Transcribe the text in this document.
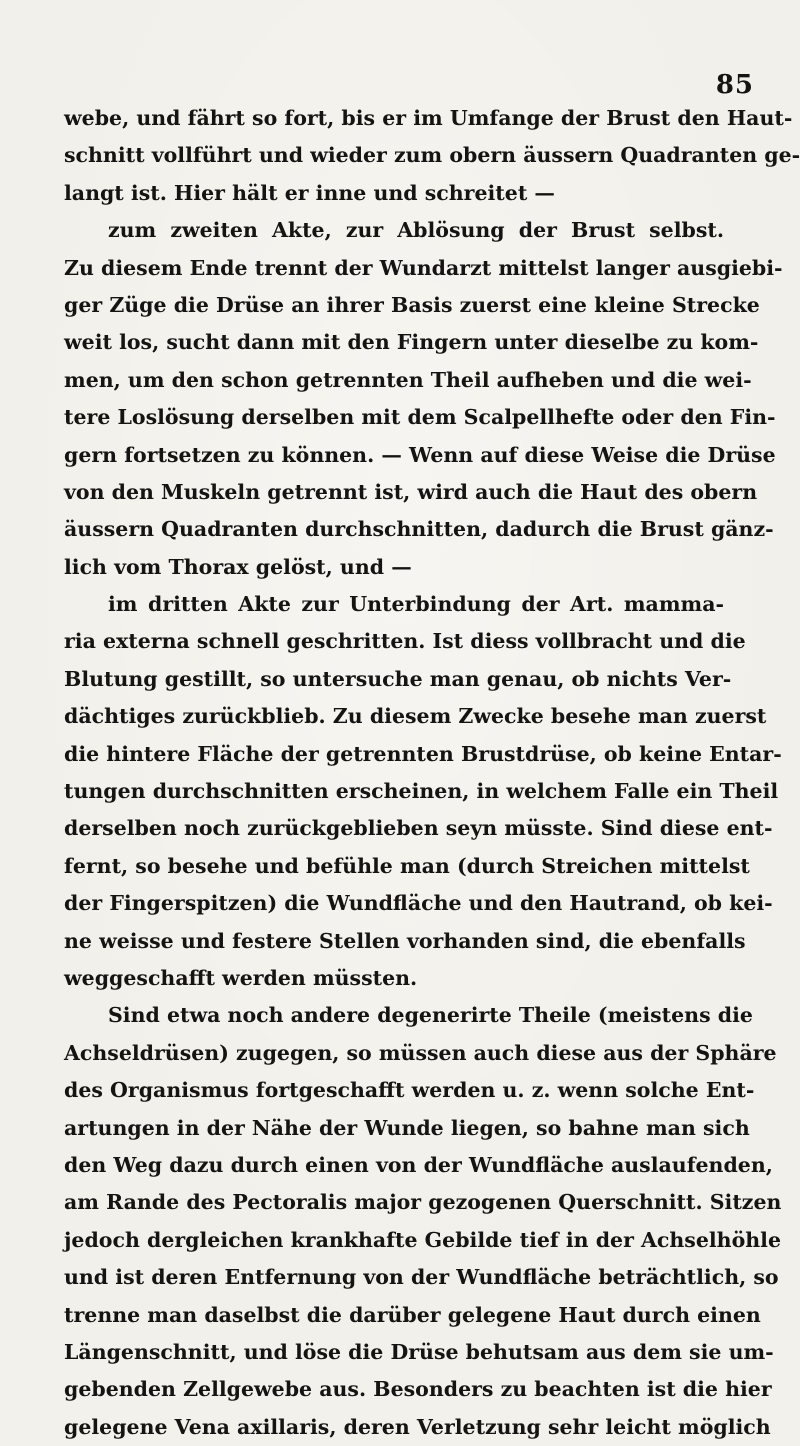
85
webe, und fährt so fort, bis er im Umfange der Brust den Haut-
schnitt vollführt und wieder zum obern äussern Quadranten ge-
langt ist. Hier hält er inne und schreitet —
zum zweiten Akte, zur Ablösung der Brust selbst.
Zu diesem Ende trennt der Wundarzt mittelst langer ausgiebi-
ger Züge die Drüse an ihrer Basis zuerst eine kleine Strecke
weit los, sucht dann mit den Fingern unter dieselbe zu kom-
men, um den schon getrennten Theil aufheben und die wei-
tere Loslösung derselben mit dem Scalpellhefte oder den Fin-
gern fortsetzen zu können. — Wenn auf diese Weise die Drüse
von den Muskeln getrennt ist, wird auch die Haut des obern
äussern Quadranten durchschnitten, dadurch die Brust gänz-
lich vom Thorax gelöst, und —
im dritten Akte zur Unterbindung der Art. mamma-
ria externa schnell geschritten. Ist diess vollbracht und die
Blutung gestillt, so untersuche man genau, ob nichts Ver-
dächtiges zurückblieb. Zu diesem Zwecke besehe man zuerst
die hintere Fläche der getrennten Brustdrüse, ob keine Entar-
tungen durchschnitten erscheinen, in welchem Falle ein Theil
derselben noch zurückgeblieben seyn müsste. Sind diese ent-
fernt, so besehe und befühle man (durch Streichen mittelst
der Fingerspitzen) die Wundfläche und den Hautrand, ob kei-
ne weisse und festere Stellen vorhanden sind, die ebenfalls
weggeschafft werden müssten.
Sind etwa noch andere degenerirte Theile (meistens die
Achseldrüsen) zugegen, so müssen auch diese aus der Sphäre
des Organismus fortgeschafft werden u. z. wenn solche Ent-
artungen in der Nähe der Wunde liegen, so bahne man sich
den Weg dazu durch einen von der Wundfläche auslaufenden,
am Rande des Pectoralis major gezogenen Querschnitt. Sitzen
jedoch dergleichen krankhafte Gebilde tief in der Achselhöhle
und ist deren Entfernung von der Wundfläche beträchtlich, so
trenne man daselbst die darüber gelegene Haut durch einen
Längenschnitt, und löse die Drüse behutsam aus dem sie um-
gebenden Zellgewebe aus. Besonders zu beachten ist die hier
gelegene Vena axillaris, deren Verletzung sehr leicht möglich
